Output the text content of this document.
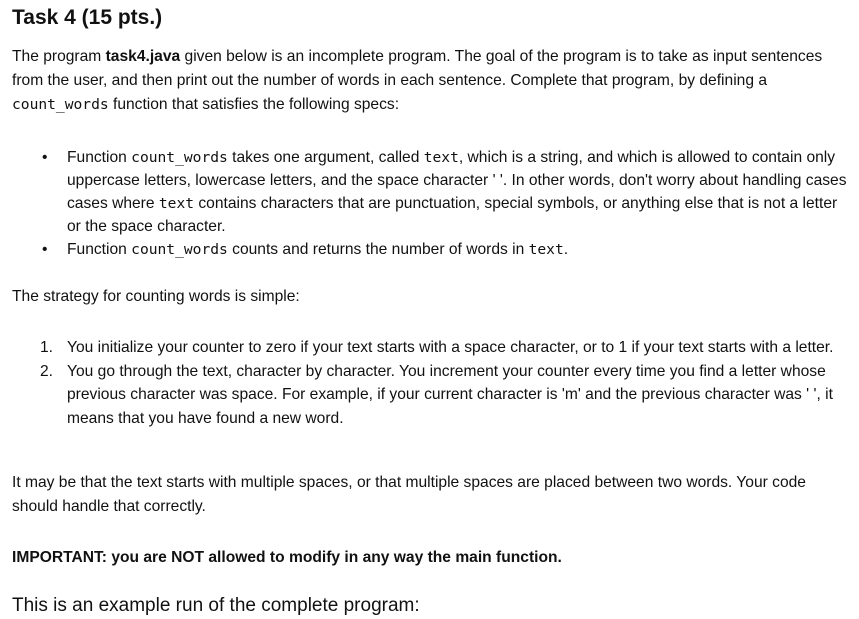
Task 4 (15 pts.)

The program task4.java given below is an incomplete program. The goal of the program is to take as input sentences from the user, and then print out the number of words in each sentence. Complete that program, by defining a count_words function that satisfies the following specs:

• Function count_words takes one argument, called text, which is a string, and which is allowed to contain only uppercase letters, lowercase letters, and the space character ' '. In other words, don't worry about handling cases cases where text contains characters that are punctuation, special symbols, or anything else that is not a letter or the space character.
• Function count_words counts and returns the number of words in text.

The strategy for counting words is simple:

1. You initialize your counter to zero if your text starts with a space character, or to 1 if your text starts with a letter.
2. You go through the text, character by character. You increment your counter every time you find a letter whose previous character was space. For example, if your current character is 'm' and the previous character was ' ', it means that you have found a new word.

It may be that the text starts with multiple spaces, or that multiple spaces are placed between two words. Your code should handle that correctly.

IMPORTANT: you are NOT allowed to modify in any way the main function.

This is an example run of the complete program:
